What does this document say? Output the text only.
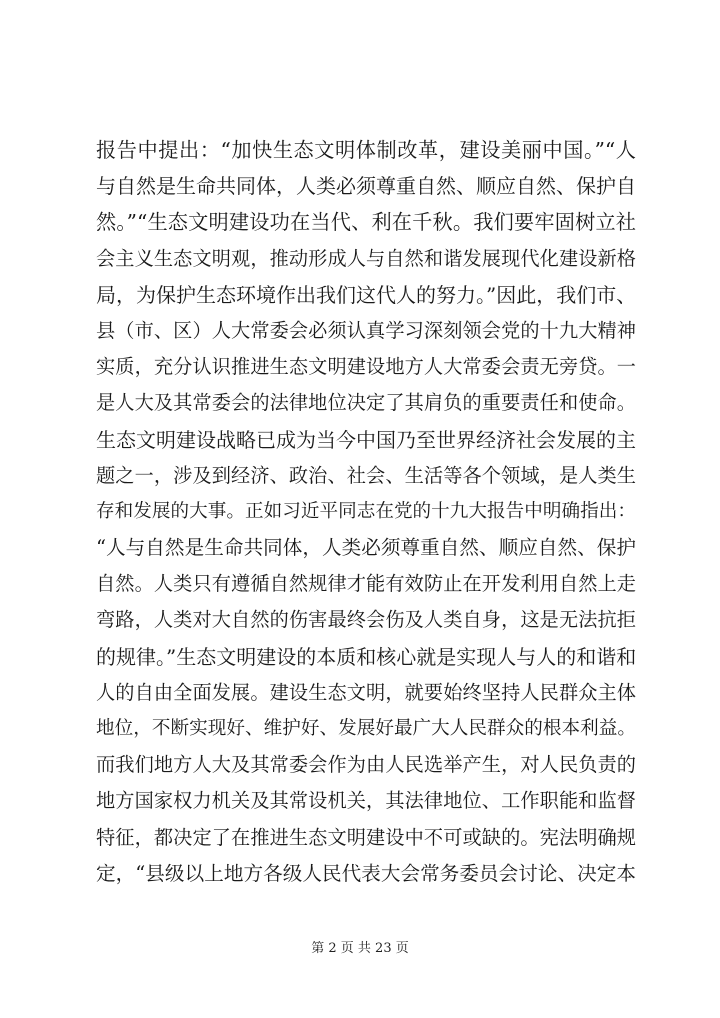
报告中提出：“加快生态文明体制改革，建设美丽中国。”“人
与自然是生命共同体，人类必须尊重自然、顺应自然、保护自
然。”“生态文明建设功在当代、利在千秋。我们要牢固树立社
会主义生态文明观，推动形成人与自然和谐发展现代化建设新格
局，为保护生态环境作出我们这代人的努力。”因此，我们市、
县（市、区）人大常委会必须认真学习深刻领会党的十九大精神
实质，充分认识推进生态文明建设地方人大常委会责无旁贷。一
是人大及其常委会的法律地位决定了其肩负的重要责任和使命。
生态文明建设战略已成为当今中国乃至世界经济社会发展的主
题之一，涉及到经济、政治、社会、生活等各个领域，是人类生
存和发展的大事。正如习近平同志在党的十九大报告中明确指出：
“人与自然是生命共同体，人类必须尊重自然、顺应自然、保护
自然。人类只有遵循自然规律才能有效防止在开发利用自然上走
弯路，人类对大自然的伤害最终会伤及人类自身，这是无法抗拒
的规律。”生态文明建设的本质和核心就是实现人与人的和谐和
人的自由全面发展。建设生态文明，就要始终坚持人民群众主体
地位，不断实现好、维护好、发展好最广大人民群众的根本利益。
而我们地方人大及其常委会作为由人民选举产生，对人民负责的
地方国家权力机关及其常设机关，其法律地位、工作职能和监督
特征，都决定了在推进生态文明建设中不可或缺的。宪法明确规
定，“县级以上地方各级人民代表大会常务委员会讨论、决定本
第 2 页 共 23 页
